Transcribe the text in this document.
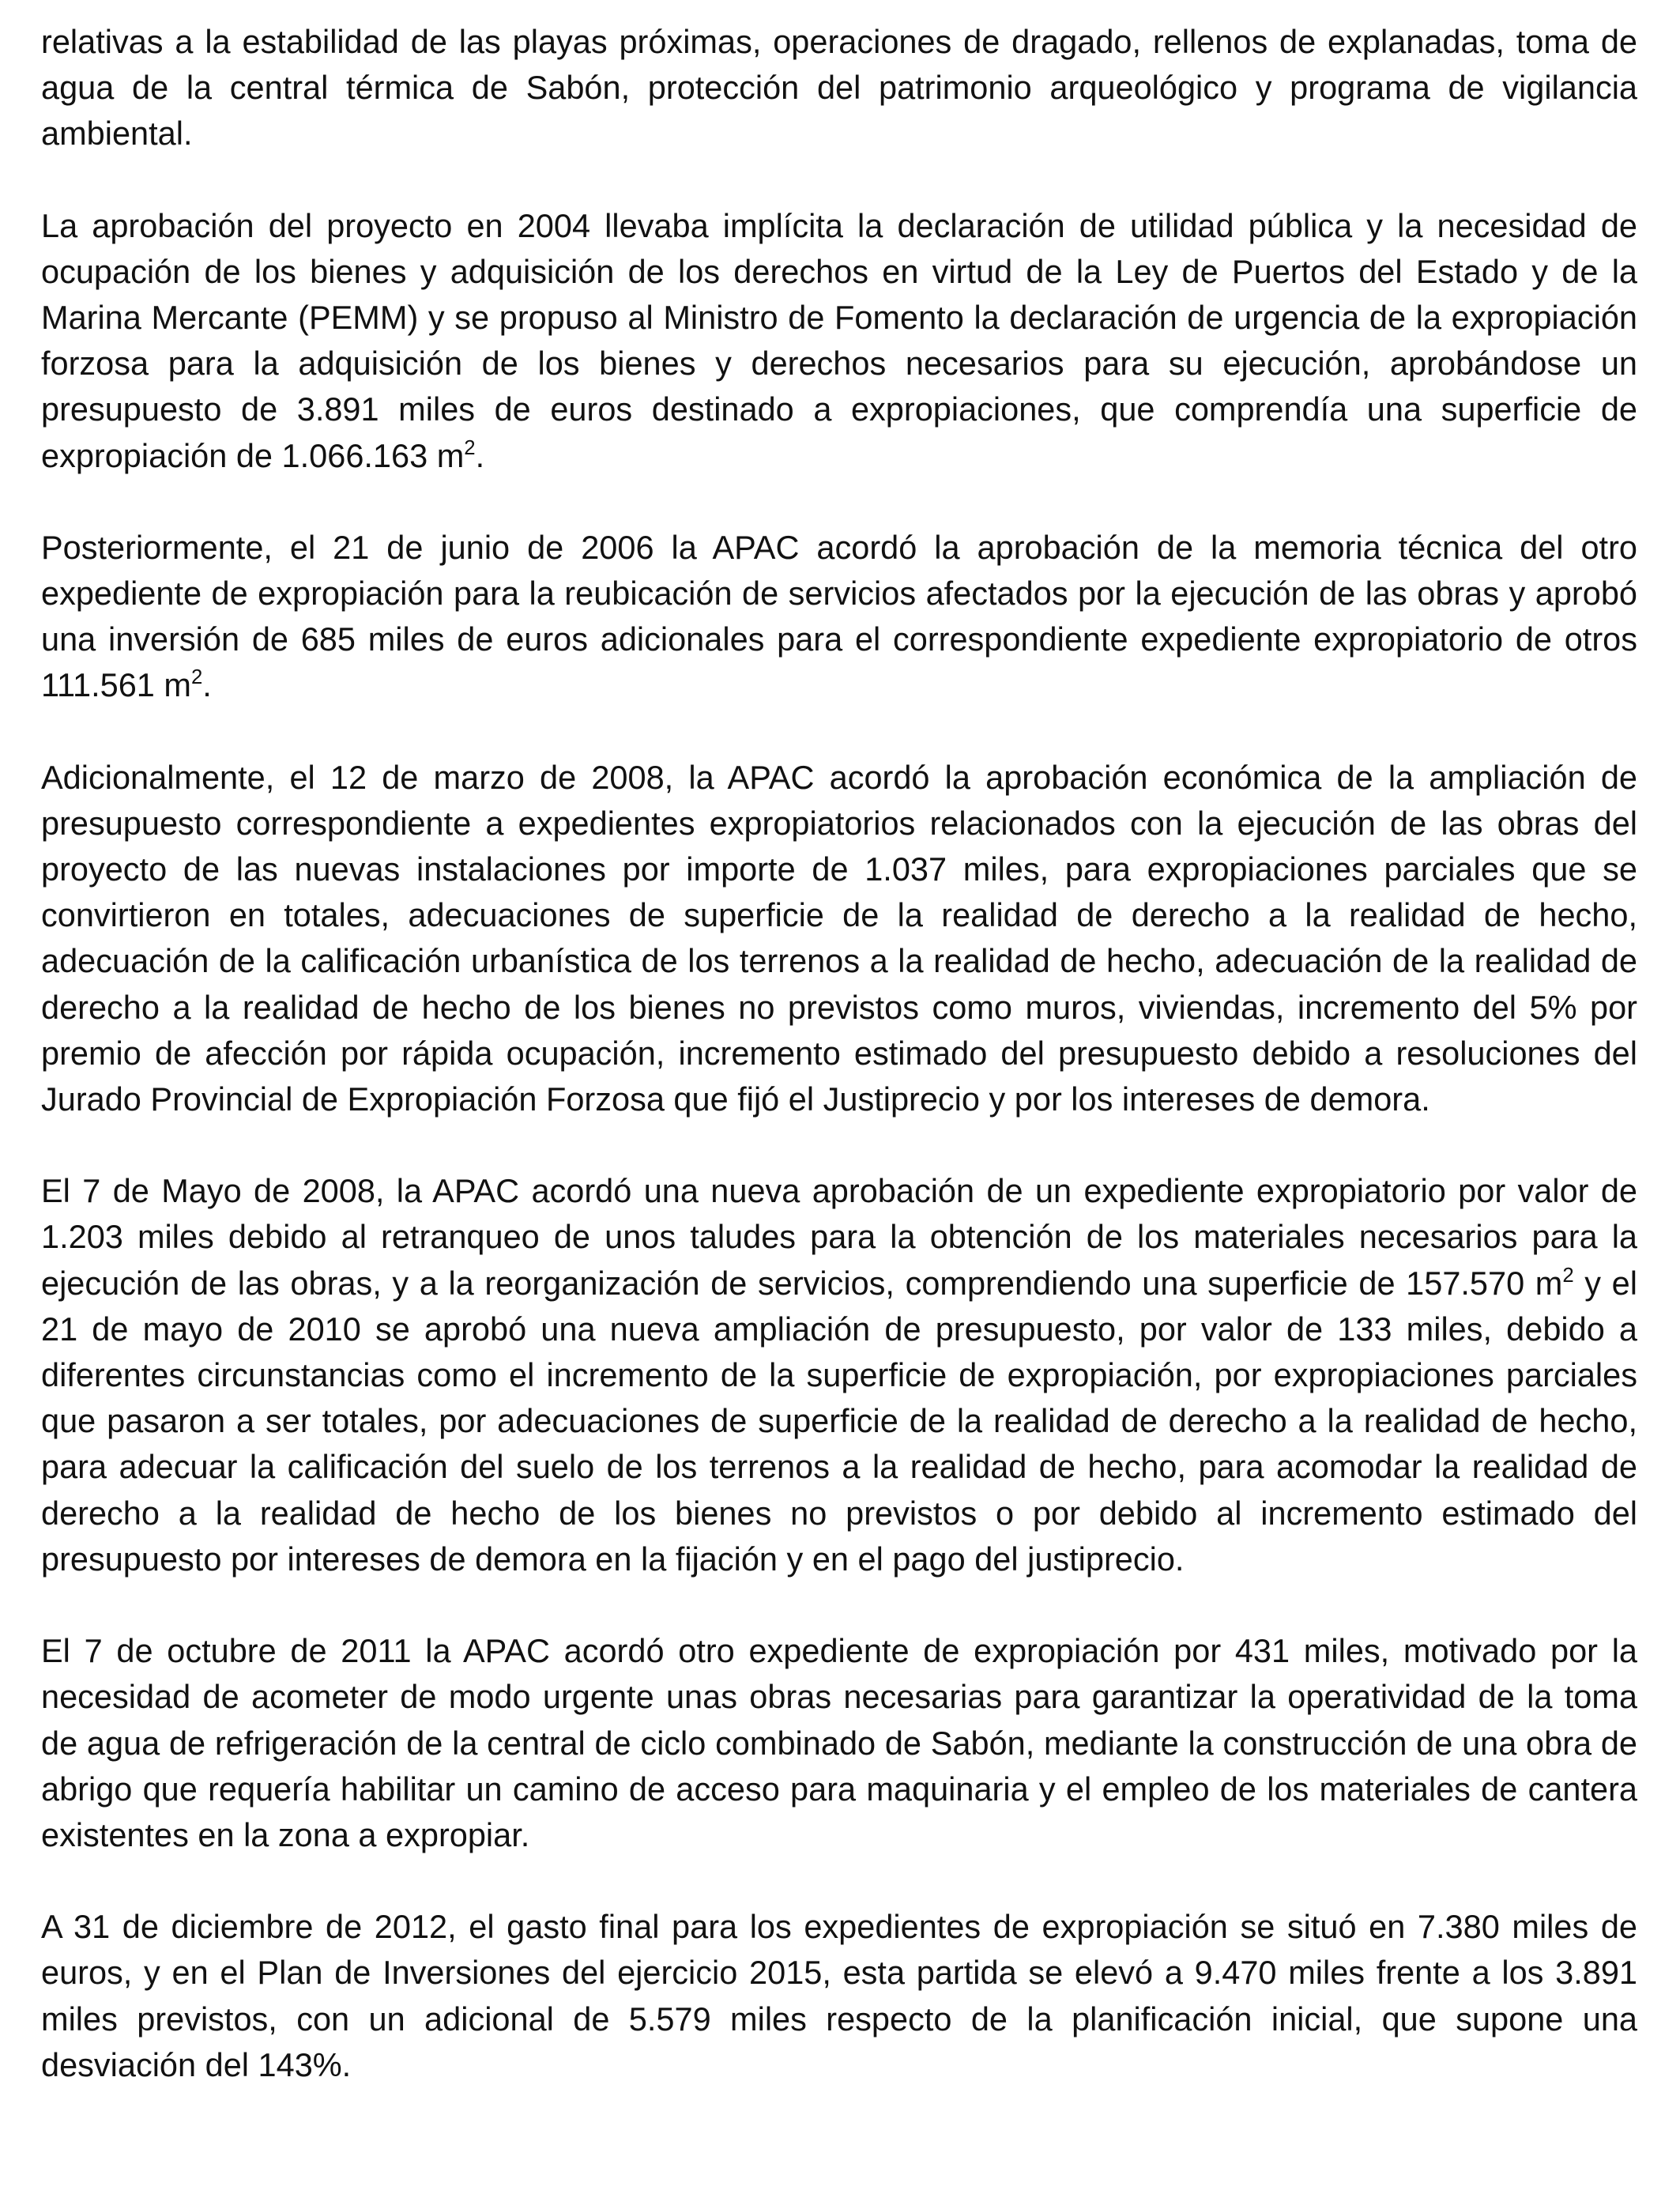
relativas a la estabilidad de las playas próximas, operaciones de dragado, rellenos de explanadas, toma de agua de la central térmica de Sabón, protección del patrimonio arqueológico y programa de vigilancia ambiental.

La aprobación del proyecto en 2004 llevaba implícita la declaración de utilidad pública y la necesidad de ocupación de los bienes y adquisición de los derechos en virtud de la Ley de Puertos del Estado y de la Marina Mercante (PEMM) y se propuso al Ministro de Fomento la declaración de urgencia de la expropiación forzosa para la adquisición de los bienes y derechos necesarios para su ejecución, aprobándose un presupuesto de 3.891 miles de euros destinado a expropiaciones, que comprendía una superficie de expropiación de 1.066.163 $m^2$.

Posteriormente, el 21 de junio de 2006 la APAC acordó la aprobación de la memoria técnica del otro expediente de expropiación para la reubicación de servicios afectados por la ejecución de las obras y aprobó una inversión de 685 miles de euros adicionales para el correspondiente expediente expropiatorio de otros 111.561 $m^2$.

Adicionalmente, el 12 de marzo de 2008, la APAC acordó la aprobación económica de la ampliación de presupuesto correspondiente a expedientes expropiatorios relacionados con la ejecución de las obras del proyecto de las nuevas instalaciones por importe de 1.037 miles, para expropiaciones parciales que se convirtieron en totales, adecuaciones de superficie de la realidad de derecho a la realidad de hecho, adecuación de la calificación urbanística de los terrenos a la realidad de hecho, adecuación de la realidad de derecho a la realidad de hecho de los bienes no previstos como muros, viviendas, incremento del 5% por premio de afección por rápida ocupación, incremento estimado del presupuesto debido a resoluciones del Jurado Provincial de Expropiación Forzosa que fijó el Justiprecio y por los intereses de demora.

El 7 de Mayo de 2008, la APAC acordó una nueva aprobación de un expediente expropiatorio por valor de 1.203 miles debido al retranqueo de unos taludes para la obtención de los materiales necesarios para la ejecución de las obras, y a la reorganización de servicios, comprendiendo una superficie de 157.570 $m^2$ y el 21 de mayo de 2010 se aprobó una nueva ampliación de presupuesto, por valor de 133 miles, debido a diferentes circunstancias como el incremento de la superficie de expropiación, por expropiaciones parciales que pasaron a ser totales, por adecuaciones de superficie de la realidad de derecho a la realidad de hecho, para adecuar la calificación del suelo de los terrenos a la realidad de hecho, para acomodar la realidad de derecho a la realidad de hecho de los bienes no previstos o por debido al incremento estimado del presupuesto por intereses de demora en la fijación y en el pago del justiprecio.

El 7 de octubre de 2011 la APAC acordó otro expediente de expropiación por 431 miles, motivado por la necesidad de acometer de modo urgente unas obras necesarias para garantizar la operatividad de la toma de agua de refrigeración de la central de ciclo combinado de Sabón, mediante la construcción de una obra de abrigo que requería habilitar un camino de acceso para maquinaria y el empleo de los materiales de cantera existentes en la zona a expropiar.

A 31 de diciembre de 2012, el gasto final para los expedientes de expropiación se situó en 7.380 miles de euros, y en el Plan de Inversiones del ejercicio 2015, esta partida se elevó a 9.470 miles frente a los 3.891 miles previstos, con un adicional de 5.579 miles respecto de la planificación inicial, que supone una desviación del 143%.
